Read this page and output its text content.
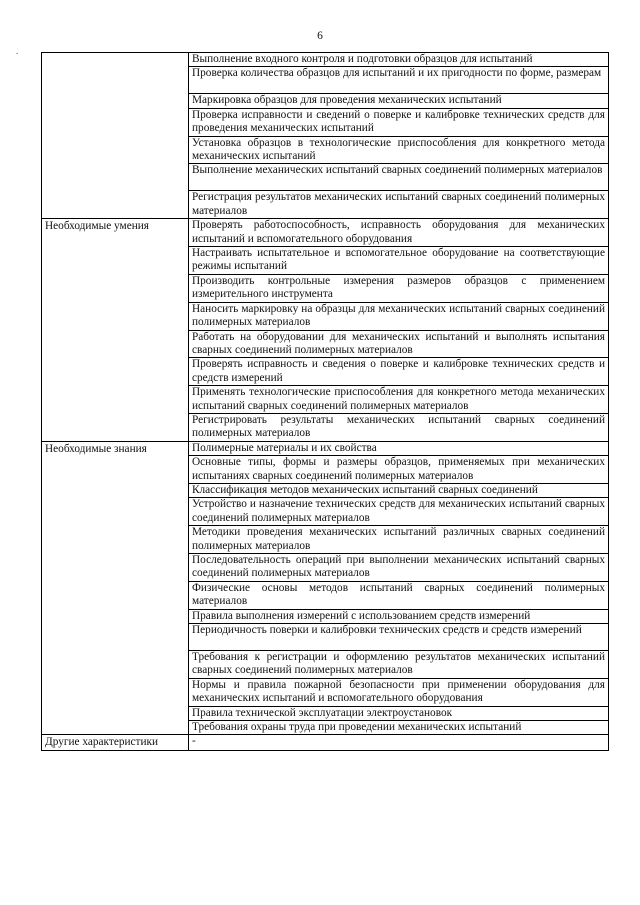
6
.
	Выполнение входного контроля и подготовки образцов для испытаний
	Проверка количества образцов для испытаний и их пригодности по форме, размерам
	Маркировка образцов для проведения механических испытаний
	Проверка исправности и сведений о поверке и калибровке технических средств для проведения механических испытаний
	Установка образцов в технологические приспособления для конкретного метода механических испытаний
	Выполнение механических испытаний сварных соединений полимерных материалов
	Регистрация результатов механических испытаний сварных соединений полимерных материалов
Необходимые умения	Проверять работоспособность, исправность оборудования для механических испытаний и вспомогательного оборудования
	Настраивать испытательное и вспомогательное оборудование на соответствующие режимы испытаний
	Производить контрольные измерения размеров образцов с применением измерительного инструмента
	Наносить маркировку на образцы для механических испытаний сварных соединений полимерных материалов
	Работать на оборудовании для механических испытаний и выполнять испытания сварных соединений полимерных материалов
	Проверять исправность и сведения о поверке и калибровке технических средств и средств измерений
	Применять технологические приспособления для конкретного метода механических испытаний сварных соединений полимерных материалов
	Регистрировать результаты механических испытаний сварных соединений полимерных материалов
Необходимые знания	Полимерные материалы и их свойства
	Основные типы, формы и размеры образцов, применяемых при механических испытаниях сварных соединений полимерных материалов
	Классификация методов механических испытаний сварных соединений
	Устройство и назначение технических средств для механических испытаний сварных соединений полимерных материалов
	Методики проведения механических испытаний различных сварных соединений полимерных материалов
	Последовательность операций при выполнении механических испытаний сварных соединений полимерных материалов
	Физические основы методов испытаний сварных соединений полимерных материалов
	Правила выполнения измерений с использованием средств измерений
	Периодичность поверки и калибровки технических средств и средств измерений
	Требования к регистрации и оформлению результатов механических испытаний сварных соединений полимерных материалов
	Нормы и правила пожарной безопасности при применении оборудования для механических испытаний и вспомогательного оборудования
	Правила технической эксплуатации электроустановок
	Требования охраны труда при проведении механических испытаний
Другие характеристики	-
